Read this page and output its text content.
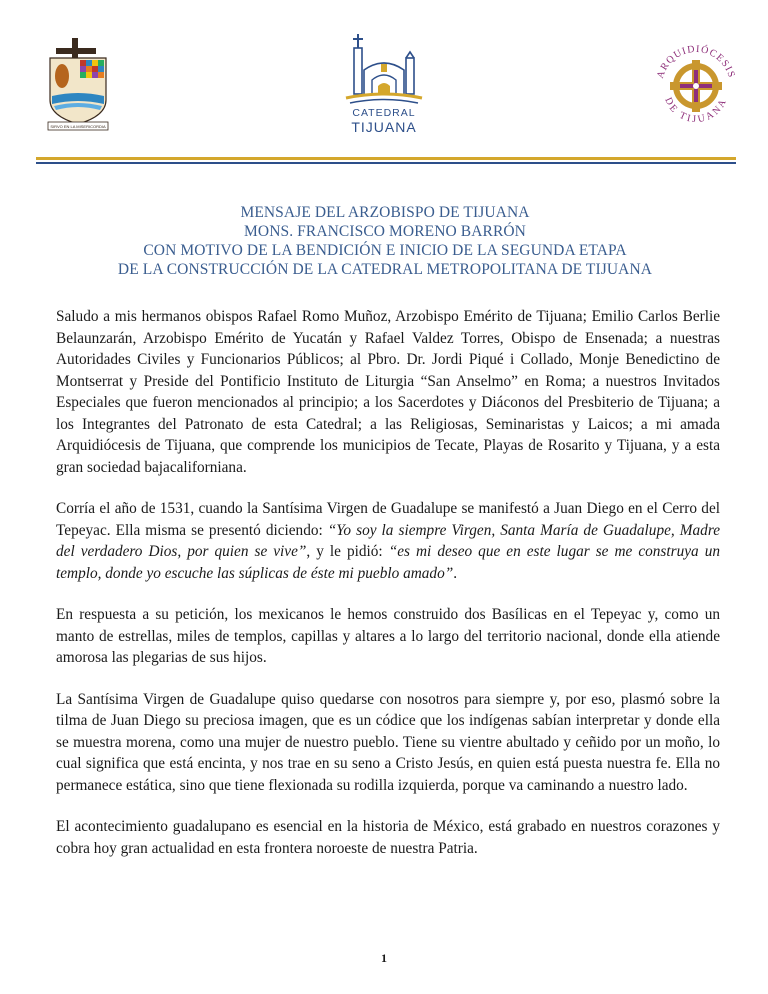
SIRVO EN LA MISERICORDIA
CATEDRAL
TIJUANA
ARQUIDIÓCESIS
DE TIJUANA
MENSAJE DEL ARZOBISPO DE TIJUANA
MONS. FRANCISCO MORENO BARRÓN
CON MOTIVO DE LA BENDICIÓN E INICIO DE LA SEGUNDA ETAPA
DE LA CONSTRUCCIÓN DE LA CATEDRAL METROPOLITANA DE TIJUANA

Saludo a mis hermanos obispos Rafael Romo Muñoz, Arzobispo Emérito de Tijuana; Emilio Carlos Berlie Belaunzarán, Arzobispo Emérito de Yucatán y Rafael Valdez Torres, Obispo de Ensenada; a nuestras Autoridades Civiles y Funcionarios Públicos; al Pbro. Dr. Jordi Piqué i Collado, Monje Benedictino de Montserrat y Preside del Pontificio Instituto de Liturgia “San Anselmo” en Roma; a nuestros Invitados Especiales que fueron mencionados al principio; a los Sacerdotes y Diáconos del Presbiterio de Tijuana; a los Integrantes del Patronato de esta Catedral; a las Religiosas, Seminaristas y Laicos; a mi amada Arquidiócesis de Tijuana, que comprende los municipios de Tecate, Playas de Rosarito y Tijuana, y a esta gran sociedad bajacaliforniana.

Corría el año de 1531, cuando la Santísima Virgen de Guadalupe se manifestó a Juan Diego en el Cerro del Tepeyac. Ella misma se presentó diciendo: “Yo soy la siempre Virgen, Santa María de Guadalupe, Madre del verdadero Dios, por quien se vive”, y le pidió: “es mi deseo que en este lugar se me construya un templo, donde yo escuche las súplicas de éste mi pueblo amado”.

En respuesta a su petición, los mexicanos le hemos construido dos Basílicas en el Tepeyac y, como un manto de estrellas, miles de templos, capillas y altares a lo largo del territorio nacional, donde ella atiende amorosa las plegarias de sus hijos.

La Santísima Virgen de Guadalupe quiso quedarse con nosotros para siempre y, por eso, plasmó sobre la tilma de Juan Diego su preciosa imagen, que es un códice que los indígenas sabían interpretar y donde ella se muestra morena, como una mujer de nuestro pueblo. Tiene su vientre abultado y ceñido por un moño, lo cual significa que está encinta, y nos trae en su seno a Cristo Jesús, en quien está puesta nuestra fe. Ella no permanece estática, sino que tiene flexionada su rodilla izquierda, porque va caminando a nuestro lado.

El acontecimiento guadalupano es esencial en la historia de México, está grabado en nuestros corazones y cobra hoy gran actualidad en esta frontera noroeste de nuestra Patria.

1
